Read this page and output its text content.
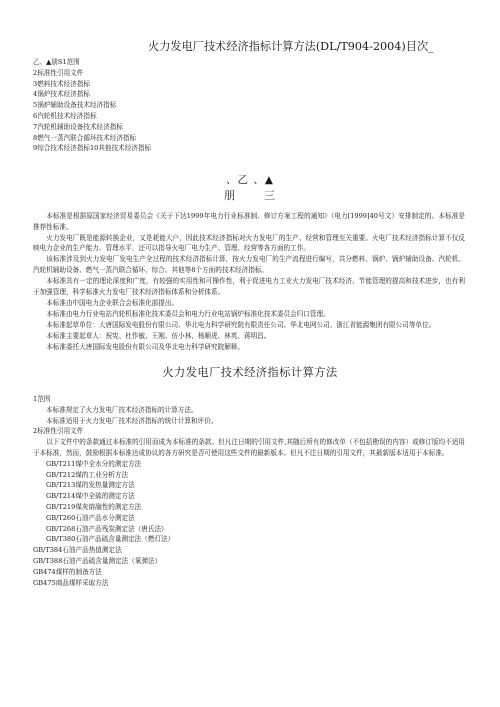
火力发电厂技术经济指标计算方法(DL/T904-2004)目次_
乙、▲朋S1范围
2标准性引用文件
3燃料技术经济指标
4锅炉技术经济指标
5锅炉辅助设备技术经济指标
6汽轮机技术经济指标
7汽轮机辅助设备技术经济指标
8燃气一蒸汽联合循环技术经济指标
9综合技术经济指标10其他技术经济指标
、乙 、▲
朋	三

本标准是根据原国家经济贸易委员会《关于下达1999年电力行业标准制、修订方案工程的通知》（电力[1999]40号文）安排制定的。本标准是推荐性标准。

火力发电厂既是能源转换企业，又是耗能大户，因此技术经济指标对火力发电厂的生产、经营和管理至关重要。火电厂技术经济指标计算不仅反映电力企业的生产能力、管理水平，还可以指导火电厂电力生产、管理、经营等各方面的工作。

该标准涉及到火力发电厂发电生产全过程的技术经济指标计算，按火力发电厂的生产流程进行编写，共分燃料、锅炉、锅炉辅助设备、汽轮机、汽轮机辅助设备、燃气一蒸汽联合循环、综合、其他等8个方面的技术经济指标。

本标准具有一定的理论深度和广度，有较强的实用性和可操作性，利于促进电力工业火力发电厂技术经济、节能管理的提高和技术进步，也有利于加强管理，科学标准火力发电厂技术经济指标体系和分析体系。

本标准由中国电力企业联合会标准化部提出。

本标准由电力行业电站汽轮机标准化技术委员会和电力行业电站锅炉标准化技术委员会归口管理。

本标准起草单位：大唐国际发电股份有限公司、华北电力科学研究院有限责任公司、华北电网公司、浙江省能源集团有限公司等单位。

本标准主要起草人：祝宪、杜作敏、王刚、伍小林、杨顺虎、林英、蒋明昌。

本标准委托大唐国际发电股份有限公司及华北电力科学研究院解释。

火力发电厂技术经济指标计算方法
1范围
本标准规定了火力发电厂技术经济指标的计算方法。
本标准适用于火力发电厂技术经济指标的统计计算和评价。
2标准性引用文件
以下文件中的条款通过本标准的引用而成为本标准的条款。但凡注日期的引用文件,其随后所有的修改单（不包括勘误的内容）或修订版均不适用于本标准，然而，鼓励根据本标准达成协议的各方研究是否可使用这些文件的最新版本。但凡不注日期的引用文件，其最新版本适用于本标准。
GB/T211煤中全水分的测定方法
GB/T212煤的工业分析方法
GB/T213煤的发热量测定方法
GB/T214煤中全硫的测定方法
GB/T219煤灰熔融性的测定方法
GB/T260石油产品水分测定法
GB/T268石油产品残炭测定法（唐氏法）
GB/T380石油产品硫含量测定法（燃灯法）
GB/T384石油产品热值测定法
GB/T388石油产品硫含量测定法（氧弹法）
GB474煤样的制备方法
GB475商品煤样采取方法
